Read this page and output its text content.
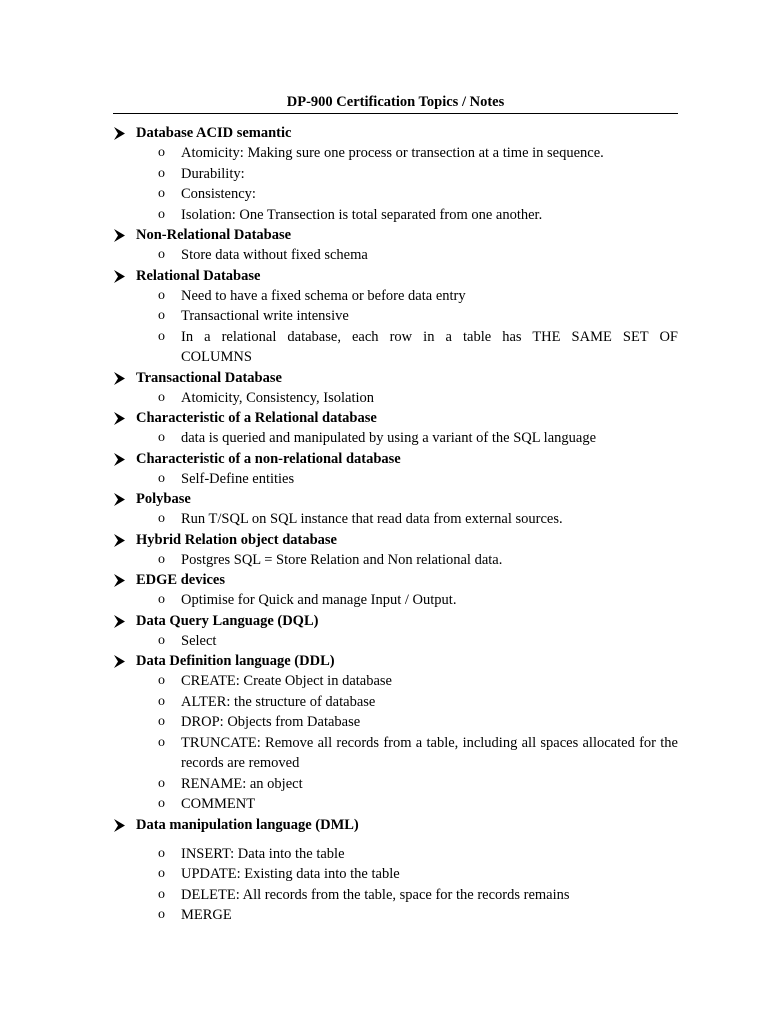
DP-900 Certification Topics / Notes
Database ACID semantic
o Atomicity: Making sure one process or transection at a time in sequence.
o Durability:
o Consistency:
o Isolation: One Transection is total separated from one another.
Non-Relational Database
o Store data without fixed schema
Relational Database
o Need to have a fixed schema or before data entry
o Transactional write intensive
o In a relational database, each row in a table has THE SAME SET OF COLUMNS
Transactional Database
o Atomicity, Consistency, Isolation
Characteristic of a Relational database
o data is queried and manipulated by using a variant of the SQL language
Characteristic of a non-relational database
o Self-Define entities
Polybase
o Run T/SQL on SQL instance that read data from external sources.
Hybrid Relation object database
o Postgres SQL = Store Relation and Non relational data.
EDGE devices
o Optimise for Quick and manage Input / Output.
Data Query Language (DQL)
o Select
Data Definition language (DDL)
o CREATE: Create Object in database
o ALTER: the structure of database
o DROP: Objects from Database
o TRUNCATE: Remove all records from a table, including all spaces allocated for the records are removed
o RENAME: an object
o COMMENT
Data manipulation language (DML)
o INSERT: Data into the table
o UPDATE: Existing data into the table
o DELETE: All records from the table, space for the records remains
o MERGE
